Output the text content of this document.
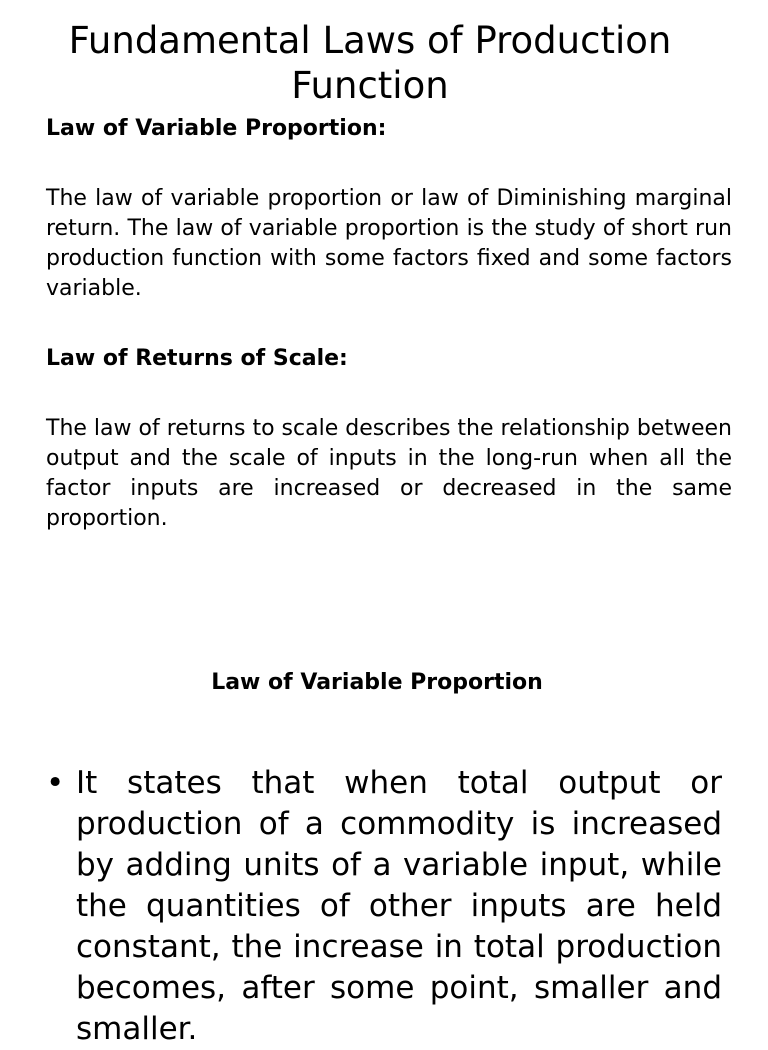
Fundamental Laws of Production
Function
Law of Variable Proportion:

The law of variable proportion or law of Diminishing marginal return. The law of variable proportion is the study of short run production function with some factors fixed and some factors variable.

Law of Returns of Scale:

The law of returns to scale describes the relationship between output and the scale of inputs in the long-run when all the factor inputs are increased or decreased in the same proportion.

Law of Variable Proportion
• It states that when total output or production of a commodity is increased by adding units of a variable input, while the quantities of other inputs are held constant, the increase in total production becomes, after some point, smaller and smaller.
